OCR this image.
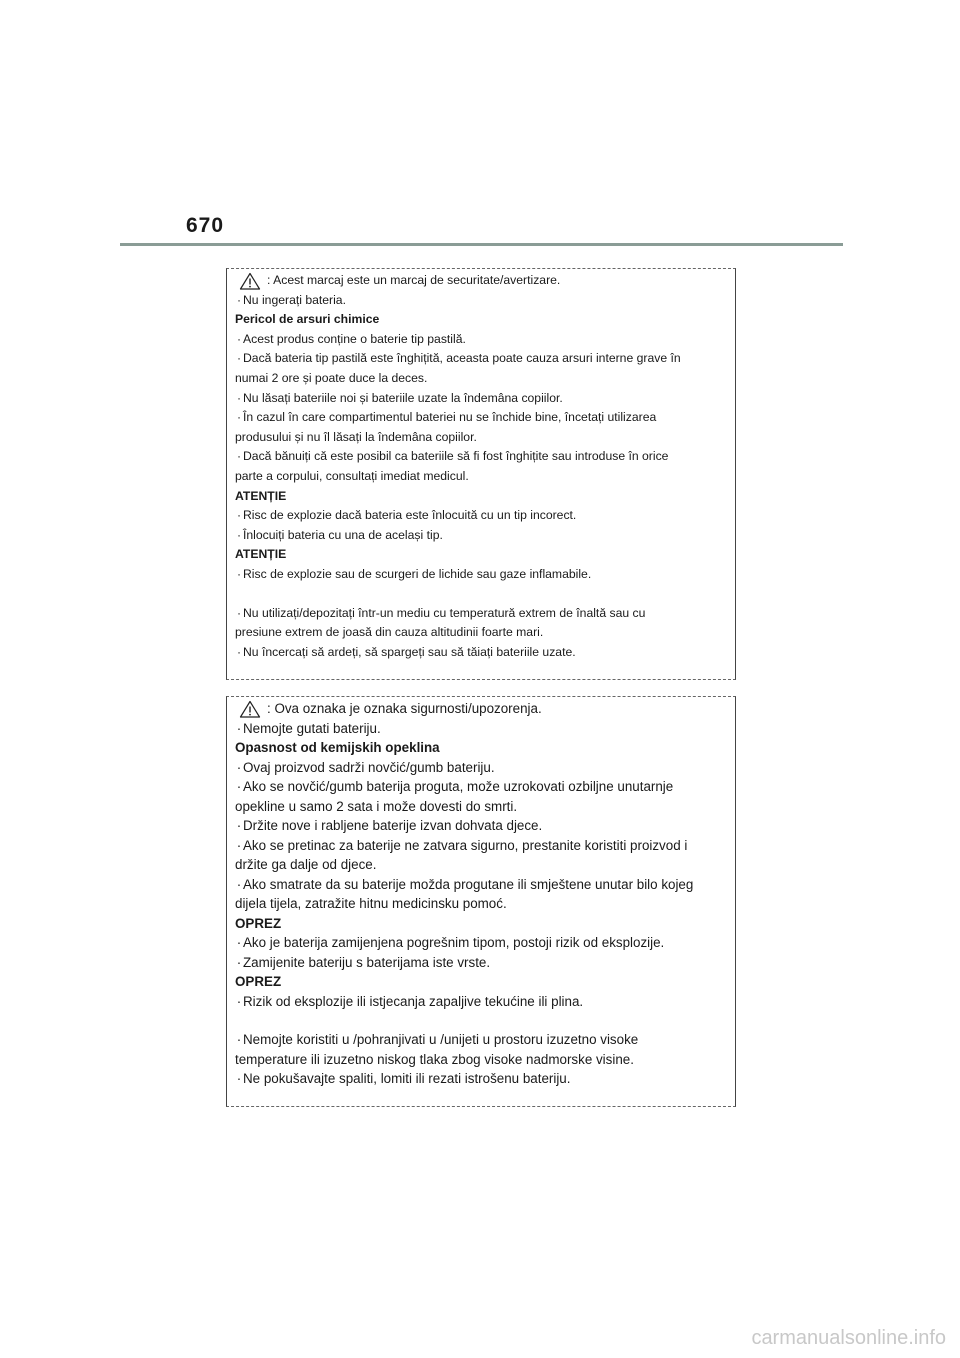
670
: Acest marcaj este un marcaj de securitate/avertizare.
· Nu ingerați bateria.
Pericol de arsuri chimice
· Acest produs conține o baterie tip pastilă.
· Dacă bateria tip pastilă este înghițită, aceasta poate cauza arsuri interne grave în
numai 2 ore și poate duce la deces.
· Nu lăsați bateriile noi și bateriile uzate la îndemâna copiilor.
· În cazul în care compartimentul bateriei nu se închide bine, încetați utilizarea
produsului și nu îl lăsați la îndemâna copiilor.
· Dacă bănuiți că este posibil ca bateriile să fi fost înghițite sau introduse în orice
parte a corpului, consultați imediat medicul.
ATENȚIE
· Risc de explozie dacă bateria este înlocuită cu un tip incorect.
· Înlocuiți bateria cu una de același tip.
ATENȚIE
· Risc de explozie sau de scurgeri de lichide sau gaze inflamabile.
· Nu utilizați/depozitați într-un mediu cu temperatură extrem de înaltă sau cu
presiune extrem de joasă din cauza altitudinii foarte mari.
· Nu încercați să ardeți, să spargeți sau să tăiați bateriile uzate.
: Ova oznaka je oznaka sigurnosti/upozorenja.
· Nemojte gutati bateriju.
Opasnost od kemijskih opeklina
· Ovaj proizvod sadrži novčić/gumb bateriju.
· Ako se novčić/gumb baterija proguta, može uzrokovati ozbiljne unutarnje
opekline u samo 2 sata i može dovesti do smrti.
· Držite nove i rabljene baterije izvan dohvata djece.
· Ako se pretinac za baterije ne zatvara sigurno, prestanite koristiti proizvod i
držite ga dalje od djece.
· Ako smatrate da su baterije možda progutane ili smještene unutar bilo kojeg
dijela tijela, zatražite hitnu medicinsku pomoć.
OPREZ
· Ako je baterija zamijenjena pogrešnim tipom, postoji rizik od eksplozije.
· Zamijenite bateriju s baterijama iste vrste.
OPREZ
· Rizik od eksplozije ili istjecanja zapaljive tekućine ili plina.
· Nemojte koristiti u /pohranjivati u /unijeti u prostoru izuzetno visoke
temperature ili izuzetno niskog tlaka zbog visoke nadmorske visine.
· Ne pokušavajte spaliti, lomiti ili rezati istrošenu bateriju.
carmanualsonline.info
